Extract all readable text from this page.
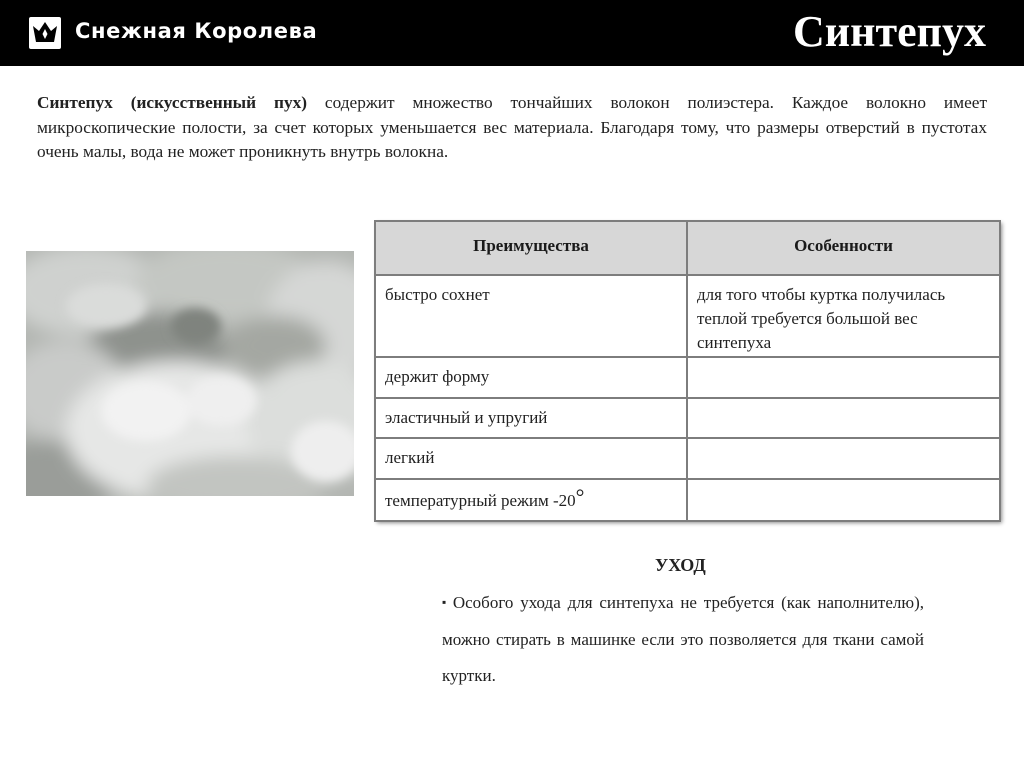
Снежная Королева	Синтепух
Синтепух (искусственный пух) содержит множество тончайших волокон полиэстера. Каждое волокно имеет микроскопические полости, за счет которых уменьшается вес материала. Благодаря тому, что размеры отверстий в пустотах очень малы, вода не может проникнуть внутрь волокна.
Преимущества	Особенности
быстро сохнет	для того чтобы куртка получилась теплой требуется большой вес синтепуха
держит форму	
эластичный и упругий	
легкий	
температурный режим -20°	
УХОД
▪ Особого ухода для синтепуха не требуется (как наполнителю), можно стирать в машинке если это позволяется для ткани самой куртки.
